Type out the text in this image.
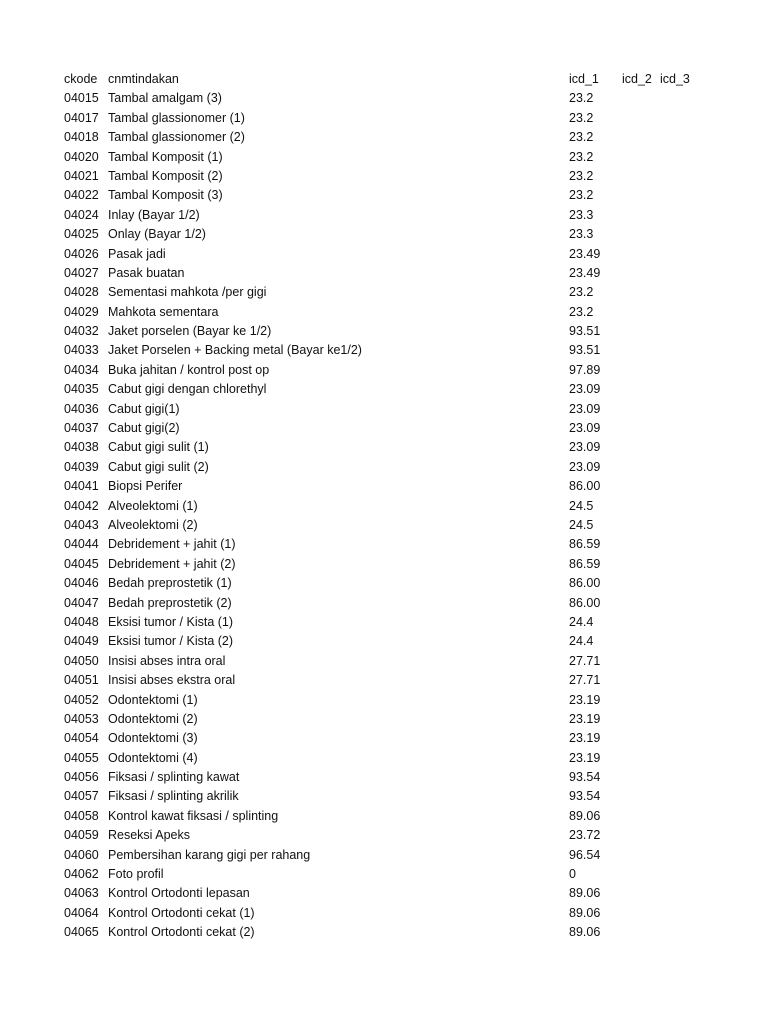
ckode cnmtindakan	icd_1 icd_2 icd_3
04015 Tambal amalgam (3)	23.2
04017 Tambal glassionomer (1)	23.2
04018 Tambal glassionomer (2)	23.2
04020 Tambal Komposit (1)	23.2
04021 Tambal Komposit (2)	23.2
04022 Tambal Komposit (3)	23.2
04024 Inlay (Bayar 1/2)	23.3
04025 Onlay (Bayar 1/2)	23.3
04026 Pasak jadi	23.49
04027 Pasak buatan	23.49
04028 Sementasi mahkota /per gigi	23.2
04029 Mahkota sementara	23.2
04032 Jaket porselen (Bayar ke 1/2)	93.51
04033 Jaket Porselen + Backing metal (Bayar ke1/2)	93.51
04034 Buka jahitan / kontrol post op	97.89
04035 Cabut gigi dengan chlorethyl	23.09
04036 Cabut gigi(1)	23.09
04037 Cabut gigi(2)	23.09
04038 Cabut gigi sulit (1)	23.09
04039 Cabut gigi sulit (2)	23.09
04041 Biopsi Perifer	86.00
04042 Alveolektomi (1)	24.5
04043 Alveolektomi (2)	24.5
04044 Debridement + jahit (1)	86.59
04045 Debridement + jahit (2)	86.59
04046 Bedah preprostetik (1)	86.00
04047 Bedah preprostetik (2)	86.00
04048 Eksisi tumor / Kista (1)	24.4
04049 Eksisi tumor / Kista (2)	24.4
04050 Insisi abses intra oral	27.71
04051 Insisi abses ekstra oral	27.71
04052 Odontektomi (1)	23.19
04053 Odontektomi (2)	23.19
04054 Odontektomi (3)	23.19
04055 Odontektomi (4)	23.19
04056 Fiksasi / splinting kawat	93.54
04057 Fiksasi / splinting akrilik	93.54
04058 Kontrol kawat fiksasi / splinting	89.06
04059 Reseksi Apeks	23.72
04060 Pembersihan karang gigi per rahang	96.54
04062 Foto profil	0
04063 Kontrol Ortodonti lepasan	89.06
04064 Kontrol Ortodonti cekat (1)	89.06
04065 Kontrol Ortodonti cekat (2)	89.06
